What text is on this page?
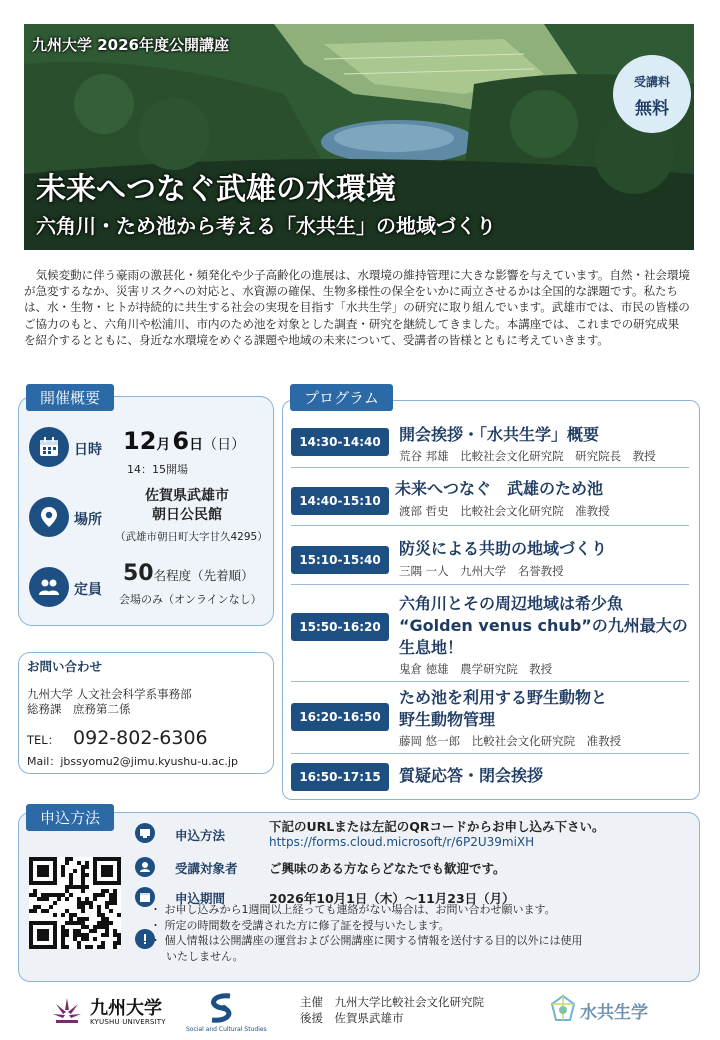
九州大学 2026年度公開講座
受講料
無料
未来へつなぐ武雄の水環境
六角川・ため池から考える「水共生」の地域づくり

気候変動に伴う豪雨の激甚化・頻発化や少子高齢化の進展は、水環境の維持管理に大きな影響を与えています。自然・社会環境が急変するなか、災害リスクへの対応と、水資源の確保、生物多様性の保全をいかに両立させるかは全国的な課題です。私たちは、水・生物・ヒトが持続的に共生する社会の実現を目指す「水共生学」の研究に取り組んでいます。武雄市では、市民の皆様のご協力のもと、六角川や松浦川、市内のため池を対象とした調査・研究を継続してきました。本講座では、これまでの研究成果を紹介するとともに、身近な水環境をめぐる課題や地域の未来について、受講者の皆様とともに考えていきます。

開催概要
日時 12月6日（日）
14：15開場
場所
佐賀県武雄市
朝日公民館
（武雄市朝日町大字甘久4295）
定員
50名程度（先着順）
会場のみ（オンラインなし）
お問い合わせ
九州大学 人文社会科学系事務部
総務課　庶務第二係
TEL： 092-802-6306
Mail：jbssyomu2@jimu.kyushu-u.ac.jp
プログラム
14:30-14:40	開会挨拶・「水共生学」概要
荒谷 邦雄　比較社会文化研究院　研究院長　教授
14:40-15:10
未来へつなぐ　武雄のため池
渡部 哲史　比較社会文化研究院　准教授
15:10-15:40
防災による共助の地域づくり
三隅 一人　九州大学　名誉教授
15:50-16:20
六角川とその周辺地域は希少魚
“Golden venus chub”の九州最大の
生息地！
鬼倉 徳雄　農学研究院　教授
16:20-16:50
ため池を利用する野生動物と
野生動物管理
藤岡 悠一郎　比較社会文化研究院　准教授
16:50-17:15	質疑応答・閉会挨拶
申込方法
申込方法
下記のURLまたは左記のQRコードからお申し込み下さい。
https://forms.cloud.microsoft/r/6P2U39miXH
受講対象者	ご興味のある方ならどなたでも歓迎です。
申込期間	2026年10月1日（木）～11月23日（月）
・ お申し込みから1週間以上経っても連絡がない場合は、お問い合わせ願います。
・ 所定の時間数を受講された方に修了証を授与いたします。
・ 個人情報は公開講座の運営および公開講座に関する情報を送付する目的以外には使用
いたしません。
九州大学
KYUSHU UNIVERSITY
Social and Cultural Studies
主催　 九州大学比較社会文化研究院
後援　 佐賀県武雄市	水共生学
